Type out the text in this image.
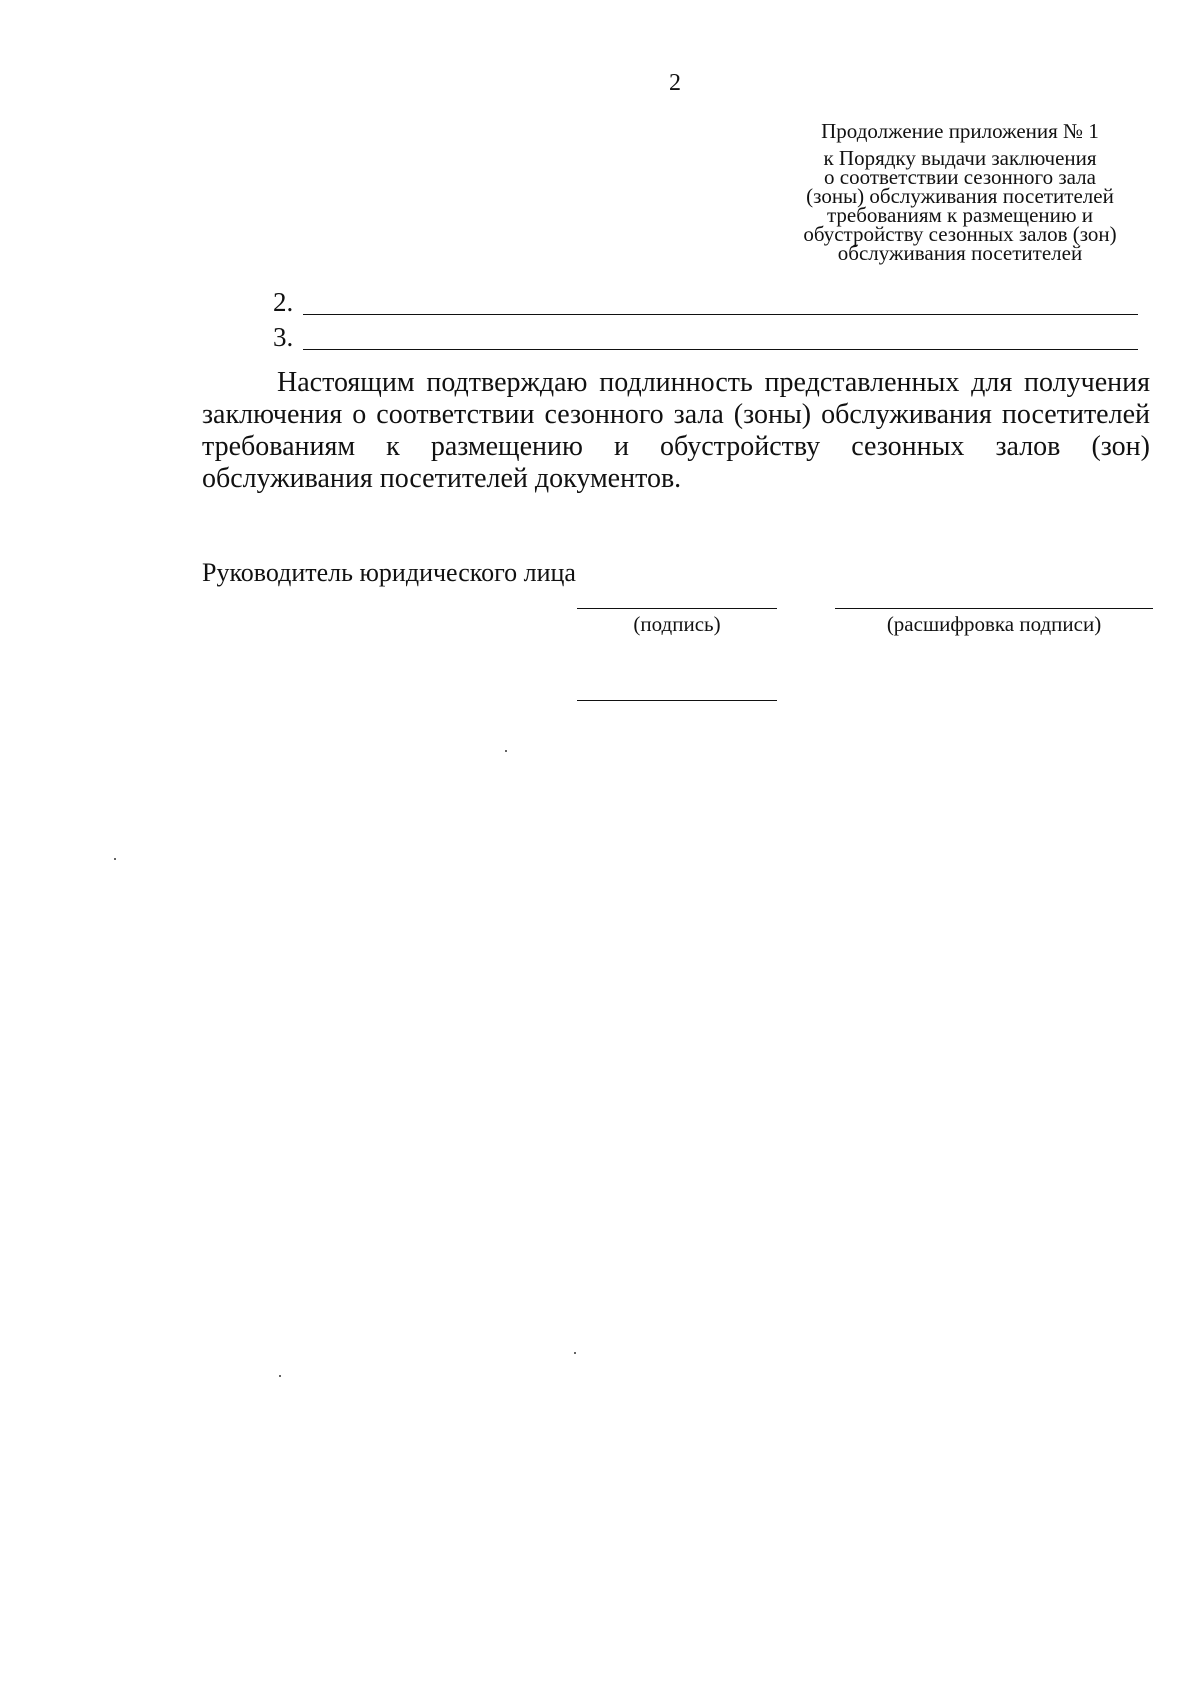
2
Продолжение приложения № 1
к Порядку выдачи заключения
о соответствии сезонного зала
(зоны) обслуживания посетителей
требованиям к размещению и
обустройству сезонных залов (зон)
обслуживания посетителей
2.
3.

Настоящим подтверждаю подлинность представленных для получения заключения о соответствии сезонного зала (зоны) обслуживания посетителей требованиям к размещению и обустройству сезонных залов (зон) обслуживания посетителей документов.

Руководитель юридического лица
(подпись)	(расшифровка подписи)
